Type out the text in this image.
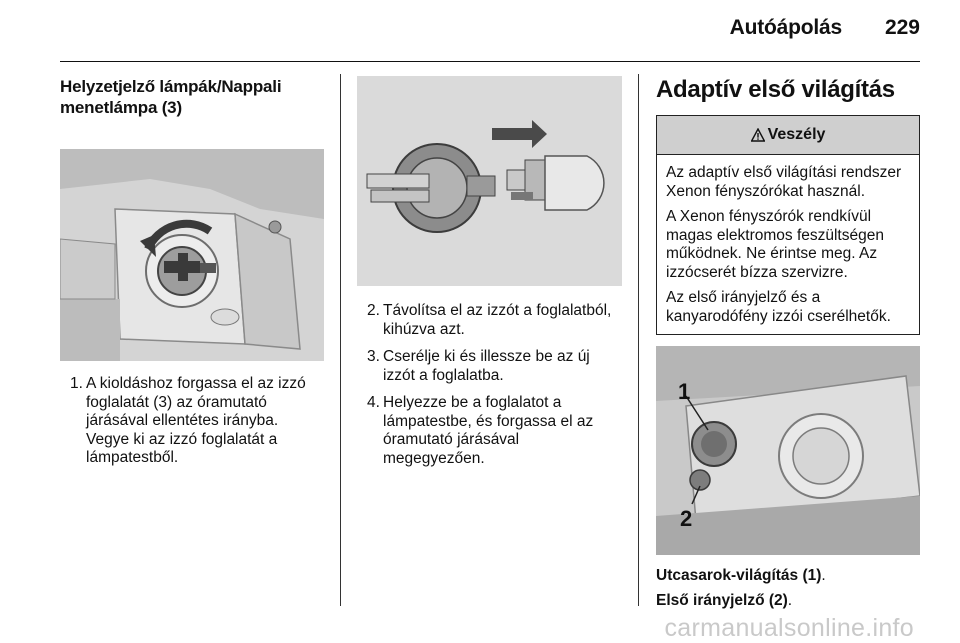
Autóápolás 229
Helyzetjelző lámpák/Nappali menetlámpa (3)
1. A kioldáshoz forgassa el az izzó foglalatát (3) az óramutató járásával ellentétes irányba. Vegye ki az izzó foglalatát a lámpatestből.
2. Távolítsa el az izzót a foglalatból, kihúzva azt.
3. Cserélje ki és illessze be az új izzót a foglalatba.
4. Helyezze be a foglalatot a lámpatestbe, és forgassa el az óramutató járásával megegyezően.
Adaptív első világítás
Veszély

Az adaptív első világítási rendszer Xenon fényszórókat használ.

A Xenon fényszórók rendkívül magas elektromos feszültségen működnek. Ne érintse meg. Az izzócserét bízza szervizre.

Az első irányjelző és a kanyarodófény izzói cserélhetők.

1
2

Utcasarok-világítás (1).

Első irányjelző (2).

carmanualsonline.info
